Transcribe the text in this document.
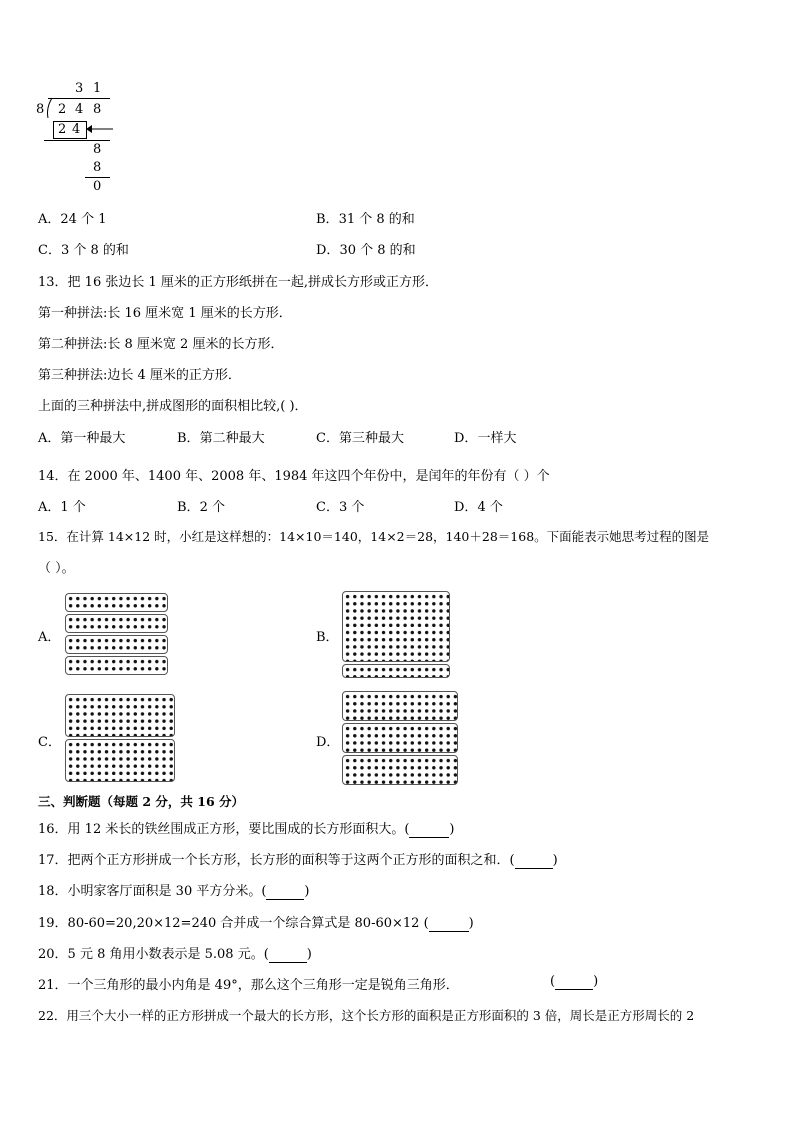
3 1
8 2 4 8
2 4
8
8
0
A．24 个 1	B．31 个 8 的和
C．3 个 8 的和	D．30 个 8 的和
13．把 16 张边长 1 厘米的正方形纸拼在一起,拼成长方形或正方形．
第一种拼法:长 16 厘米宽 1 厘米的长方形．
第二种拼法:长 8 厘米宽 2 厘米的长方形．
第三种拼法:边长 4 厘米的正方形．
上面的三种拼法中,拼成图形的面积相比较,( )．
A．第一种最大	B．第二种最大	C．第三种最大	D．一样大
14．在 2000 年、1400 年、2008 年、1984 年这四个年份中，是闰年的年份有（ ）个
A．1 个	B．2 个	C．3 个	D．4 个
15．在计算 14×12 时，小红是这样想的：14×10＝140，14×2＝28，140＋28＝168。下面能表示她思考过程的图是
（ ）。
A．	B．
C．	D．
三、判断题（每题 2 分，共 16 分）
16．用 12 米长的铁丝围成正方形，要比围成的长方形面积大。(	)
17．把两个正方形拼成一个长方形，长方形的面积等于这两个正方形的面积之和．(	)
18．小明家客厅面积是 30 平方分米。(	)
19．80-60=20,20×12=240 合并成一个综合算式是 80-60×12 (	)
20．5 元 8 角用小数表示是 5.08 元。(	)
21．一个三角形的最小内角是 49°，那么这个三角形一定是锐角三角形．	(	)
22．用三个大小一样的正方形拼成一个最大的长方形，这个长方形的面积是正方形面积的 3 倍，周长是正方形周长的 2
